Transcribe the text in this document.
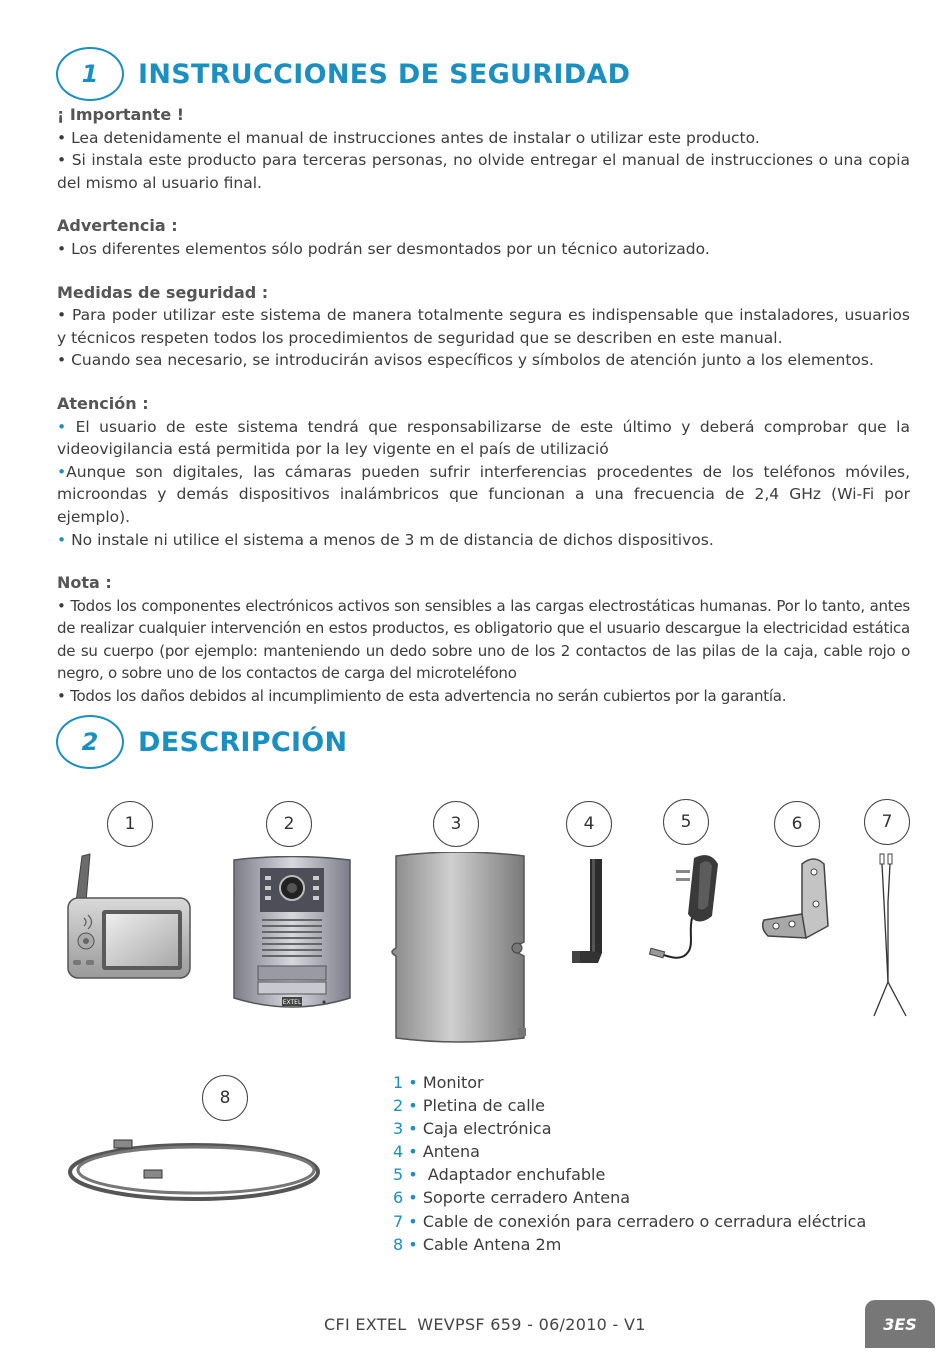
1	INSTRUCCIONES DE SEGURIDAD
¡ Importante !

• Lea detenidamente el manual de instrucciones antes de instalar o utilizar este producto.

• Si instala este producto para terceras personas, no olvide entregar el manual de instrucciones o una copia del mismo al usuario final.

Advertencia :

• Los diferentes elementos sólo podrán ser desmontados por un técnico autorizado.

Medidas de seguridad :

• Para poder utilizar este sistema de manera totalmente segura es indispensable que instaladores, usuarios y técnicos respeten todos los procedimientos de seguridad que se describen en este manual.

• Cuando sea necesario, se introducirán avisos específicos y símbolos de atención junto a los elementos.

Atención :

• El usuario de este sistema tendrá que responsabilizarse de este último y deberá comprobar que la videovigilancia está permitida por la ley vigente en el país de utilizació

•Aunque son digitales, las cámaras pueden sufrir interferencias procedentes de los teléfonos móviles, microondas y demás dispositivos inalámbricos que funcionan a una frecuencia de 2,4 GHz (Wi-Fi por ejemplo).

• No instale ni utilice el sistema a menos de 3 m de distancia de dichos dispositivos.

Nota :

• Todos los componentes electrónicos activos son sensibles a las cargas electrostáticas humanas. Por lo tanto, antes de realizar cualquier intervención en estos productos, es obligatorio que el usuario descargue la electricidad estática de su cuerpo (por ejemplo: manteniendo un dedo sobre uno de los 2 contactos de las pilas de la caja, cable rojo o negro, o sobre uno de los contactos de carga del microteléfono

• Todos los daños debidos al incumplimiento de esta advertencia no serán cubiertos por la garantía.

2	DESCRIPCIÓN
1	2	3	4	5	6	7
8
EXTEL
1 • Monitor
2 • Pletina de calle
3 • Caja electrónica
4 • Antena
5 •  Adaptador enchufable
6 • Soporte cerradero Antena
7 • Cable de conexión para cerradero o cerradura eléctrica
8 • Cable Antena 2m
CFI EXTEL  WEVPSF 659 - 06/2010 - V1	3ES
